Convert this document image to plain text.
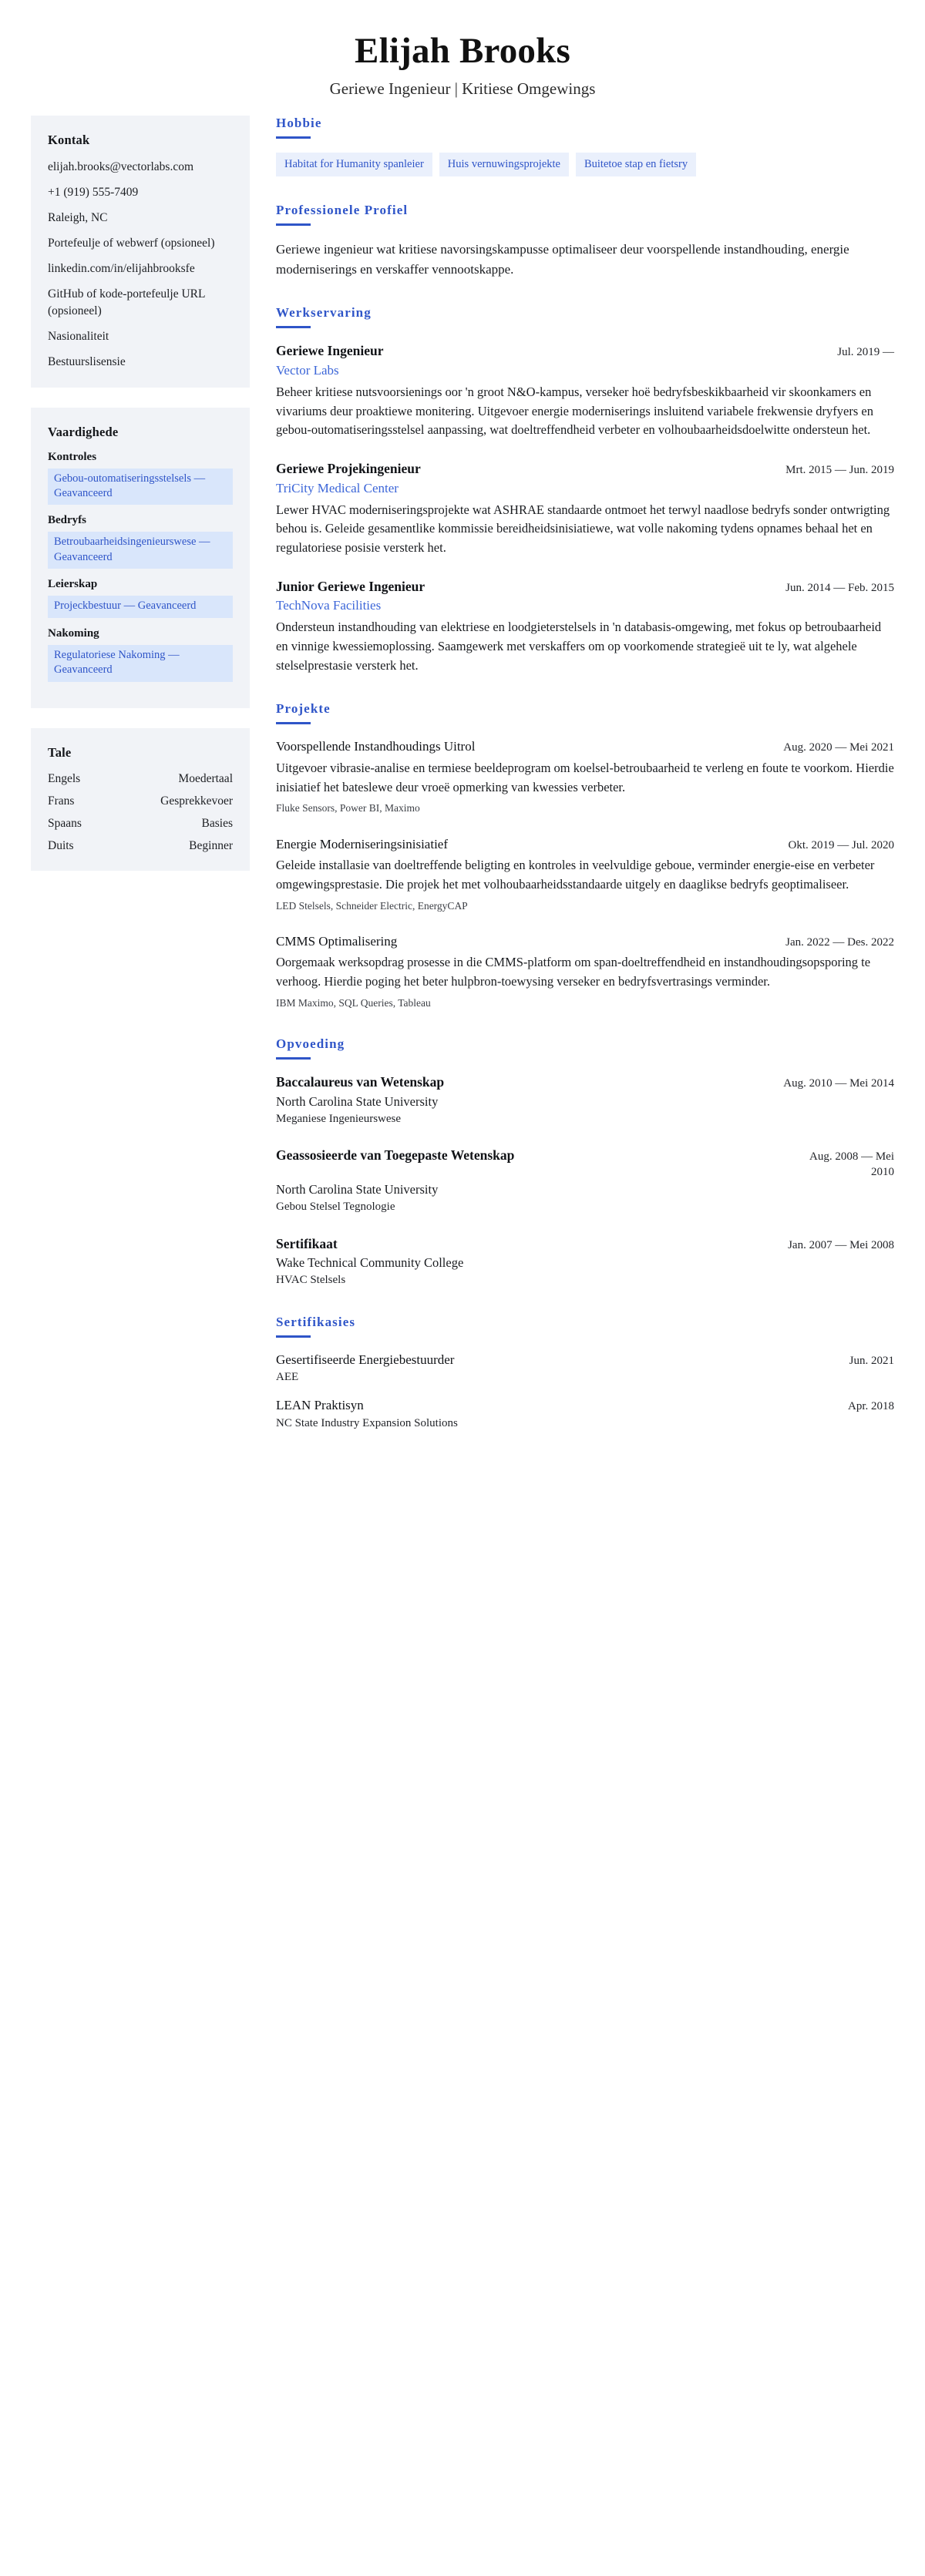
Elijah Brooks
Geriewe Ingenieur | Kritiese Omgewings
Kontak
elijah.brooks@vectorlabs.com
+1 (919) 555-7409
Raleigh, NC
Portefeulje of webwerf (opsioneel)
linkedin.com/in/elijahbrooksfe
GitHub of kode-portefeulje URL (opsioneel)
Nasionaliteit
Bestuurslisensie
Vaardighede
Kontroles
Gebou-outomatiseringsstelsels — Geavanceerd
Bedryfs
Betroubaarheidsingenieurswese — Geavanceerd
Leierskap
Projeckbestuur — Geavanceerd
Nakoming
Regulatoriese Nakoming — Geavanceerd
Tale
Engels	Moedertaal
Frans	Gesprekkevoer
Spaans	Basies
Duits	Beginner
Hobbie
Habitat for Humanity spanleier	Huis vernuwingsprojekte	Buitetoe stap en fietsry
Professionele Profiel
Geriewe ingenieur wat kritiese navorsingskampusse optimaliseer deur voorspellende instandhouding, energie moderniserings en verskaffer vennootskappe.
Werkservaring
Geriewe Ingenieur	Jul. 2019 —
Vector Labs
Beheer kritiese nutsvoorsienings oor 'n groot N&O-kampus, verseker hoë bedryfsbeskikbaarheid vir skoonkamers en vivariums deur proaktiewe monitering. Uitgevoer energie moderniserings insluitend variabele frekwensie dryfyers en gebou-outomatiseringsstelsel aanpassing, wat doeltreffendheid verbeter en volhoubaarheidsdoelwitte ondersteun het.
Geriewe Projekingenieur	Mrt. 2015 — Jun. 2019
TriCity Medical Center
Lewer HVAC moderniseringsprojekte wat ASHRAE standaarde ontmoet het terwyl naadlose bedryfs sonder ontwrigting behou is. Geleide gesamentlike kommissie bereidheidsinisiatiewe, wat volle nakoming tydens opnames behaal het en regulatoriese posisie versterk het.
Junior Geriewe Ingenieur	Jun. 2014 — Feb. 2015
TechNova Facilities
Ondersteun instandhouding van elektriese en loodgieterstelsels in 'n databasis-omgewing, met fokus op betroubaarheid en vinnige kwessiemoplossing. Saamgewerk met verskaffers om op voorkomende strategieë uit te ly, wat algehele stelselprestasie versterk het.
Projekte
Voorspellende Instandhoudings Uitrol	Aug. 2020 — Mei 2021
Uitgevoer vibrasie-analise en termiese beeldeprogram om koelsel-betroubaarheid te verleng en foute te voorkom. Hierdie inisiatief het bateslewe deur vroeë opmerking van kwessies verbeter.
Fluke Sensors, Power BI, Maximo
Energie Moderniseringsinisiatief	Okt. 2019 — Jul. 2020
Geleide installasie van doeltreffende beligting en kontroles in veelvuldige geboue, verminder energie-eise en verbeter omgewingsprestasie. Die projek het met volhoubaarheidsstandaarde uitgely en daaglikse bedryfs geoptimaliseer.
LED Stelsels, Schneider Electric, EnergyCAP
CMMS Optimalisering	Jan. 2022 — Des. 2022
Oorgemaak werksopdrag prosesse in die CMMS-platform om span-doeltreffendheid en instandhoudingsopsporing te verhoog. Hierdie poging het beter hulpbron-toewysing verseker en bedryfsvertrasings verminder.
IBM Maximo, SQL Queries, Tableau
Opvoeding
Baccalaureus van Wetenskap	Aug. 2010 — Mei 2014
North Carolina State University
Meganiese Ingenieurswese
Geassosieerde van Toegepaste Wetenskap	Aug. 2008 — Mei 2010
North Carolina State University
Gebou Stelsel Tegnologie
Sertifikaat	Jan. 2007 — Mei 2008
Wake Technical Community College
HVAC Stelsels
Sertifikasies
Gesertifiseerde Energiebestuurder	Jun. 2021
AEE
LEAN Praktisyn	Apr. 2018
NC State Industry Expansion Solutions
